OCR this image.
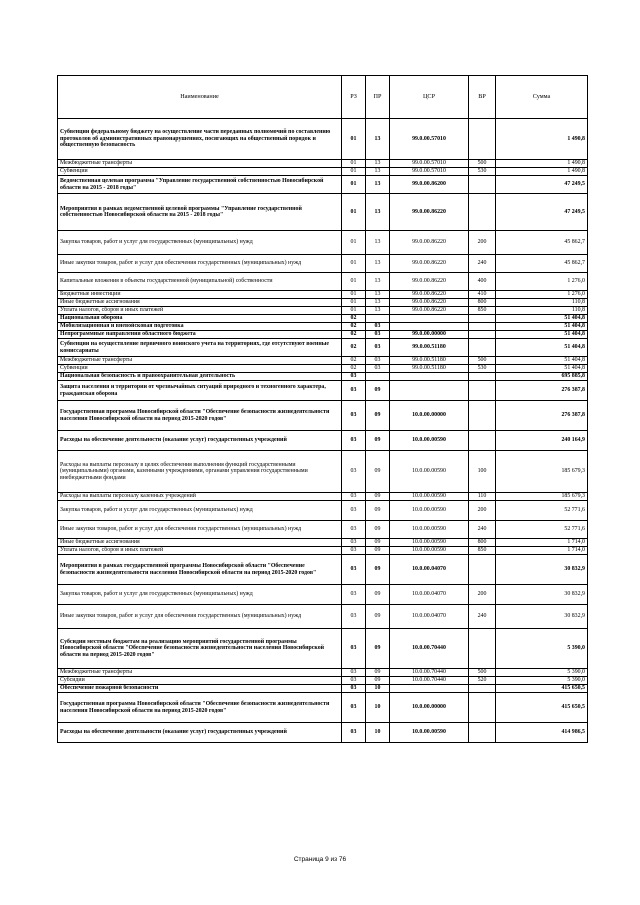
Наименование	РЗ	ПР	ЦСР	ВР	Сумма
Субвенции федеральному бюджету на осуществление части переданных полномочий по составлению протоколов об административных правонарушениях, посягающих на общественный порядок и общественную безопасность	01	13	99.0.00.57010		1 490,8
Межбюджетные трансферты	01	13	99.0.00.57010	500	1 490,8
Субвенции	01	13	99.0.00.57010	530	1 490,8
Ведомственная целевая программа "Управление государственной собственностью Новосибирской области на 2015 - 2018 годы"	01	13	99.0.00.86200		47 249,5
Мероприятия в рамках ведомственной целевой программы "Управление государственной собственностью Новосибирской области на 2015 - 2018 годы"	01	13	99.0.00.86220		47 249,5
Закупка товаров, работ и услуг для государственных (муниципальных) нужд	01	13	99.0.00.86220	200	45 862,7
Иные закупки товаров, работ и услуг для обеспечения государственных (муниципальных) нужд	01	13	99.0.00.86220	240	45 862,7
Капитальные вложения в объекты государственной (муниципальной) собственности	01	13	99.0.00.86220	400	1 276,0
Бюджетные инвестиции	01	13	99.0.00.86220	410	1 276,0
Иные бюджетные ассигнования	01	13	99.0.00.86220	800	110,8
Уплата налогов, сборов и иных платежей	01	13	99.0.00.86220	850	110,8
Национальная оборона	02				51 404,8
Мобилизационная и вневойсковая подготовка	02	03			51 404,8
Непрограммные направления областного бюджета	02	03	99.0.00.00000		51 404,8
Субвенции на осуществление первичного воинского учета на территориях, где отсутствуют военные комиссариаты	02	03	99.0.00.51180		51 404,8
Межбюджетные трансферты	02	03	99.0.00.51180	500	51 404,8
Субвенции	02	03	99.0.00.51180	530	51 404,8
Национальная безопасность и правоохранительная деятельность	03				695 885,8
Защита населения и территории от чрезвычайных ситуаций природного и техногенного характера, гражданская оборона	03	09			276 387,8
Государственная программа Новосибирской области "Обеспечение безопасности жизнедеятельности населения Новосибирской области на период 2015-2020 годов"	03	09	10.0.00.00000		276 387,8
Расходы на обеспечение деятельности (оказание услуг) государственных учреждений	03	09	10.0.00.00590		240 164,9
Расходы на выплаты персоналу в целях обеспечения выполнения функций государственными (муниципальными) органами, казенными учреждениями, органами управления государственными внебюджетными фондами	03	09	10.0.00.00590	100	185 679,3
Расходы на выплаты персоналу казенных учреждений	03	09	10.0.00.00590	110	185 679,3
Закупка товаров, работ и услуг для государственных (муниципальных) нужд	03	09	10.0.00.00590	200	52 771,6
Иные закупки товаров, работ и услуг для обеспечения государственных (муниципальных) нужд	03	09	10.0.00.00590	240	52 771,6
Иные бюджетные ассигнования	03	09	10.0.00.00590	800	1 714,0
Уплата налогов, сборов и иных платежей	03	09	10.0.00.00590	850	1 714,0
Мероприятия в рамках государственной программы Новосибирской области "Обеспечение безопасности жизнедеятельности населения Новосибирской области на период 2015-2020 годов"	03	09	10.0.00.04070		30 832,9
Закупка товаров, работ и услуг для государственных (муниципальных) нужд	03	09	10.0.00.04070	200	30 832,9
Иные закупки товаров, работ и услуг для обеспечения государственных (муниципальных) нужд	03	09	10.0.00.04070	240	30 832,9
Субсидии местным бюджетам на реализацию мероприятий государственной программы Новосибирской области "Обеспечение безопасности жизнедеятельности населения Новосибирской области на период 2015-2020 годов"	03	09	10.0.00.70440		5 390,0
Межбюджетные трансферты	03	09	10.0.00.70440	500	5 390,0
Субсидии	03	09	10.0.00.70440	520	5 390,0
Обеспечение пожарной безопасности	03	10			415 650,5
Государственная программа Новосибирской области "Обеспечение безопасности жизнедеятельности населения Новосибирской области на период 2015-2020 годов"	03	10	10.0.00.00000		415 650,5
Расходы на обеспечение деятельности (оказание услуг) государственных учреждений	03	10	10.0.00.00590		414 986,5
Страница 9 из 76
